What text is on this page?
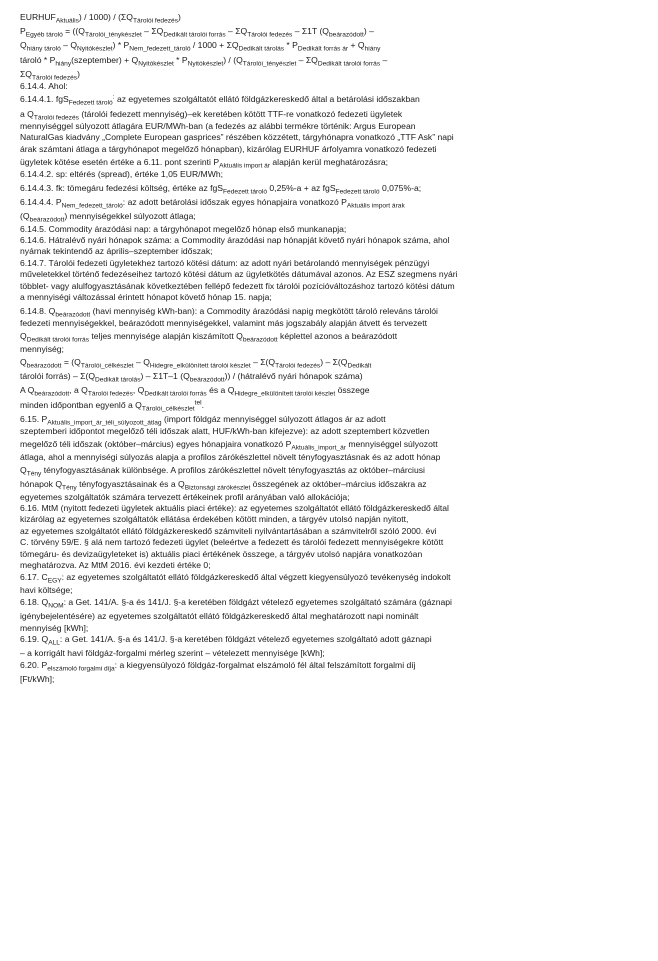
$EURHUF_{Aktuális}) / 1000) / (\Sigma Q_{Tárolói fedezés})$

$P_{Egyéb tároló} = ((Q_{Tárolói\_ténykészlet} - \Sigma Q_{Dedikált tárolói forrás} - \Sigma Q_{Tárolói fedezés} - \Sigma 1T$ $(Q_{beárazódott})$ –

$Q_{hiány tároló} - Q_{Nyitókészlet}) * P_{Nem\_fedezett\_tároló} / 1000 + \Sigma Q_{Dedikált tárolás} * P_{Dedikált forrás ár} + Q_{hiány}$

tároló * $P_{hiány}(szeptember) + Q_{Nyitókészlet} * P_{Nyitókészlet}) / (Q_{Tárolói\_tényészlet} - \Sigma Q_{Dedikált tárolói forrás}$ –

$\Sigma Q_{Tárolói fedezés}$)

6.14.4. Ahol:

6.14.4.1. fgS$_{Fedezett tároló}$: az egyetemes szolgáltatót ellátó földgázkereskedő által a betárolási időszakban

a $Q_{Tárolói fedezés}$ (tárolói fedezett mennyiség)–ek keretében kötött TTF-re vonatkozó fedezeti ügyletek

mennyiséggel súlyozott átlagára EUR/MWh-ban (a fedezés az alábbi termékre történik: Argus European

NaturalGas kiadvány „Complete European gasprices” részében közzétett, tárgyhónapra vonatkozó „TTF Ask” napi

árak számtani átlaga a tárgyhónapot megelőző hónapban), kizárólag EURHUF árfolyamra vonatkozó fedezeti

ügyletek kötése esetén értéke a 6.11. pont szerinti $P_{Aktuális import ár}$ alapján kerül meghatározásra;

6.14.4.2. sp: eltérés (spread), értéke 1,05 EUR/MWh;

6.14.4.3. fk: tömegáru fedezési költség, értéke az fgS$_{Fedezett tároló}$ 0,25%-a + az fgS$_{Fedezett tároló}$ 0,075%-a;

6.14.4.4. $P_{Nem\_fedezett\_tároló}$: az adott betárolási időszak egyes hónapjaira vonatkozó $P_{Aktuális import árak}$

$(Q_{beárazódott})$ mennyiségekkel súlyozott átlaga;

6.14.5. Commodity árazódási nap: a tárgyhónapot megelőző hónap első munkanapja;

6.14.6. Hátralévő nyári hónapok száma: a Commodity árazódási nap hónapját követő nyári hónapok száma, ahol

nyárnak tekintendő az április–szeptember időszak;

6.14.7. Tárolói fedezeti ügyletekhez tartozó kötési dátum: az adott nyári betárolandó mennyiségek pénzügyi

műveletekkel történő fedezéseihez tartozó kötési dátum az ügyletkötés dátumával azonos. Az ESZ szegmens nyári

többlet- vagy alulfogyasztásának következtében fellépő fedezett fix tárolói pozícióváltozáshoz tartozó kötési dátum

a mennyiségi változással érintett hónapot követő hónap 15. napja;

6.14.8. $Q_{beárazódott}$ (havi mennyiség kWh-ban): a Commodity árazódási napig megkötött tároló releváns tárolói

fedezeti mennyiségekkel, beárazódott mennyiségekkel, valamint más jogszabály alapján átvett és tervezett

$Q_{Dedikált tárolói forrás}$ teljes mennyisége alapján kiszámított $Q_{beárazódott}$ képlettel azonos a beárazódott

mennyiség;

$Q_{beárazódott} = (Q_{Tárolói\_célkészlet} - Q_{Hidegre\_elkülönített tárolói készlet} - \Sigma(Q_{Tárolói fedezés}) - \Sigma(Q_{Dedikált}$

tárolói forrás) – $\Sigma(Q_{Dedikált tárolás}) - \Sigma 1T-1$ $(Q_{beárazódott})$) / (hátralévő nyári hónapok száma)

A $Q_{beárazódott}$, a $Q_{Tárolói fedezés}$, $Q_{Dedikált tárolói forrás}$ és a $Q_{Hidegre\_elkülönített tárolói készlet}$ összege

minden időpontban egyenlő a $Q_{Tárolói\_célkészlet}^{tel}$.

6.15. $P_{Aktuális\_import\_ár\_téli\_súlyozott\_átlag}$ (import földgáz mennyiséggel súlyozott átlagos ár az adott

szeptemberi időpontot megelőző téli időszak alatt, HUF/kWh-ban kifejezve): az adott szeptembert közvetlen

megelőző téli időszak (október–március) egyes hónapjaira vonatkozó $P_{Aktuális\_import\_ár}$ mennyiséggel súlyozott

átlaga, ahol a mennyiségi súlyozás alapja a profilos zárókészlettel növelt tényfogyasztásnak és az adott hónap

$Q_{Tény}$ tényfogyasztásának különbsége. A profilos zárókészlettel növelt tényfogyasztás az október–márciusi

hónapok $Q_{Tény}$ tényfogyasztásainak és a $Q_{Biztonsági zárókészlet}$ összegének az október–március időszakra az

egyetemes szolgáltatók számára tervezett értékeinek profil arányában való allokációja;

6.16. MtM (nyitott fedezeti ügyletek aktuális piaci értéke): az egyetemes szolgáltatót ellátó földgázkereskedő által

kizárólag az egyetemes szolgáltatók ellátása érdekében kötött minden, a tárgyév utolsó napján nyitott,

az egyetemes szolgáltatót ellátó földgázkereskedő számviteli nyilvántartásában a számvitelről szóló 2000. évi

C. törvény 59/E. § alá nem tartozó fedezeti ügylet (beleértve a fedezett és tárolói fedezett mennyiségekre kötött

tömegáru- és devizaügyleteket is) aktuális piaci értékének összege, a tárgyév utolsó napjára vonatkozóan

meghatározva. Az MtM 2016. évi kezdeti értéke 0;

6.17. $C_{EGY}$: az egyetemes szolgáltatót ellátó földgázkereskedő által végzett kiegyensúlyozó tevékenység indokolt

havi költsége;

6.18. $Q_{NOM}$: a Get. 141/A. §-a és 141/J. §-a keretében földgázt vételező egyetemes szolgáltató számára (gáznapi

igénybejelentésére) az egyetemes szolgáltatót ellátó földgázkereskedő által meghatározott napi nominált

mennyiség [kWh];

6.19. $Q_{ALL}$: a Get. 141/A. §-a és 141/J. §-a keretében földgázt vételező egyetemes szolgáltató adott gáznapi

– a korrigált havi földgáz-forgalmi mérleg szerint – vételezett mennyisége [kWh];

6.20. $P_{elszámoló forgalmi díja}$: a kiegyensúlyozó földgáz-forgalmat elszámoló fél által felszámított forgalmi díj

[Ft/kWh];
